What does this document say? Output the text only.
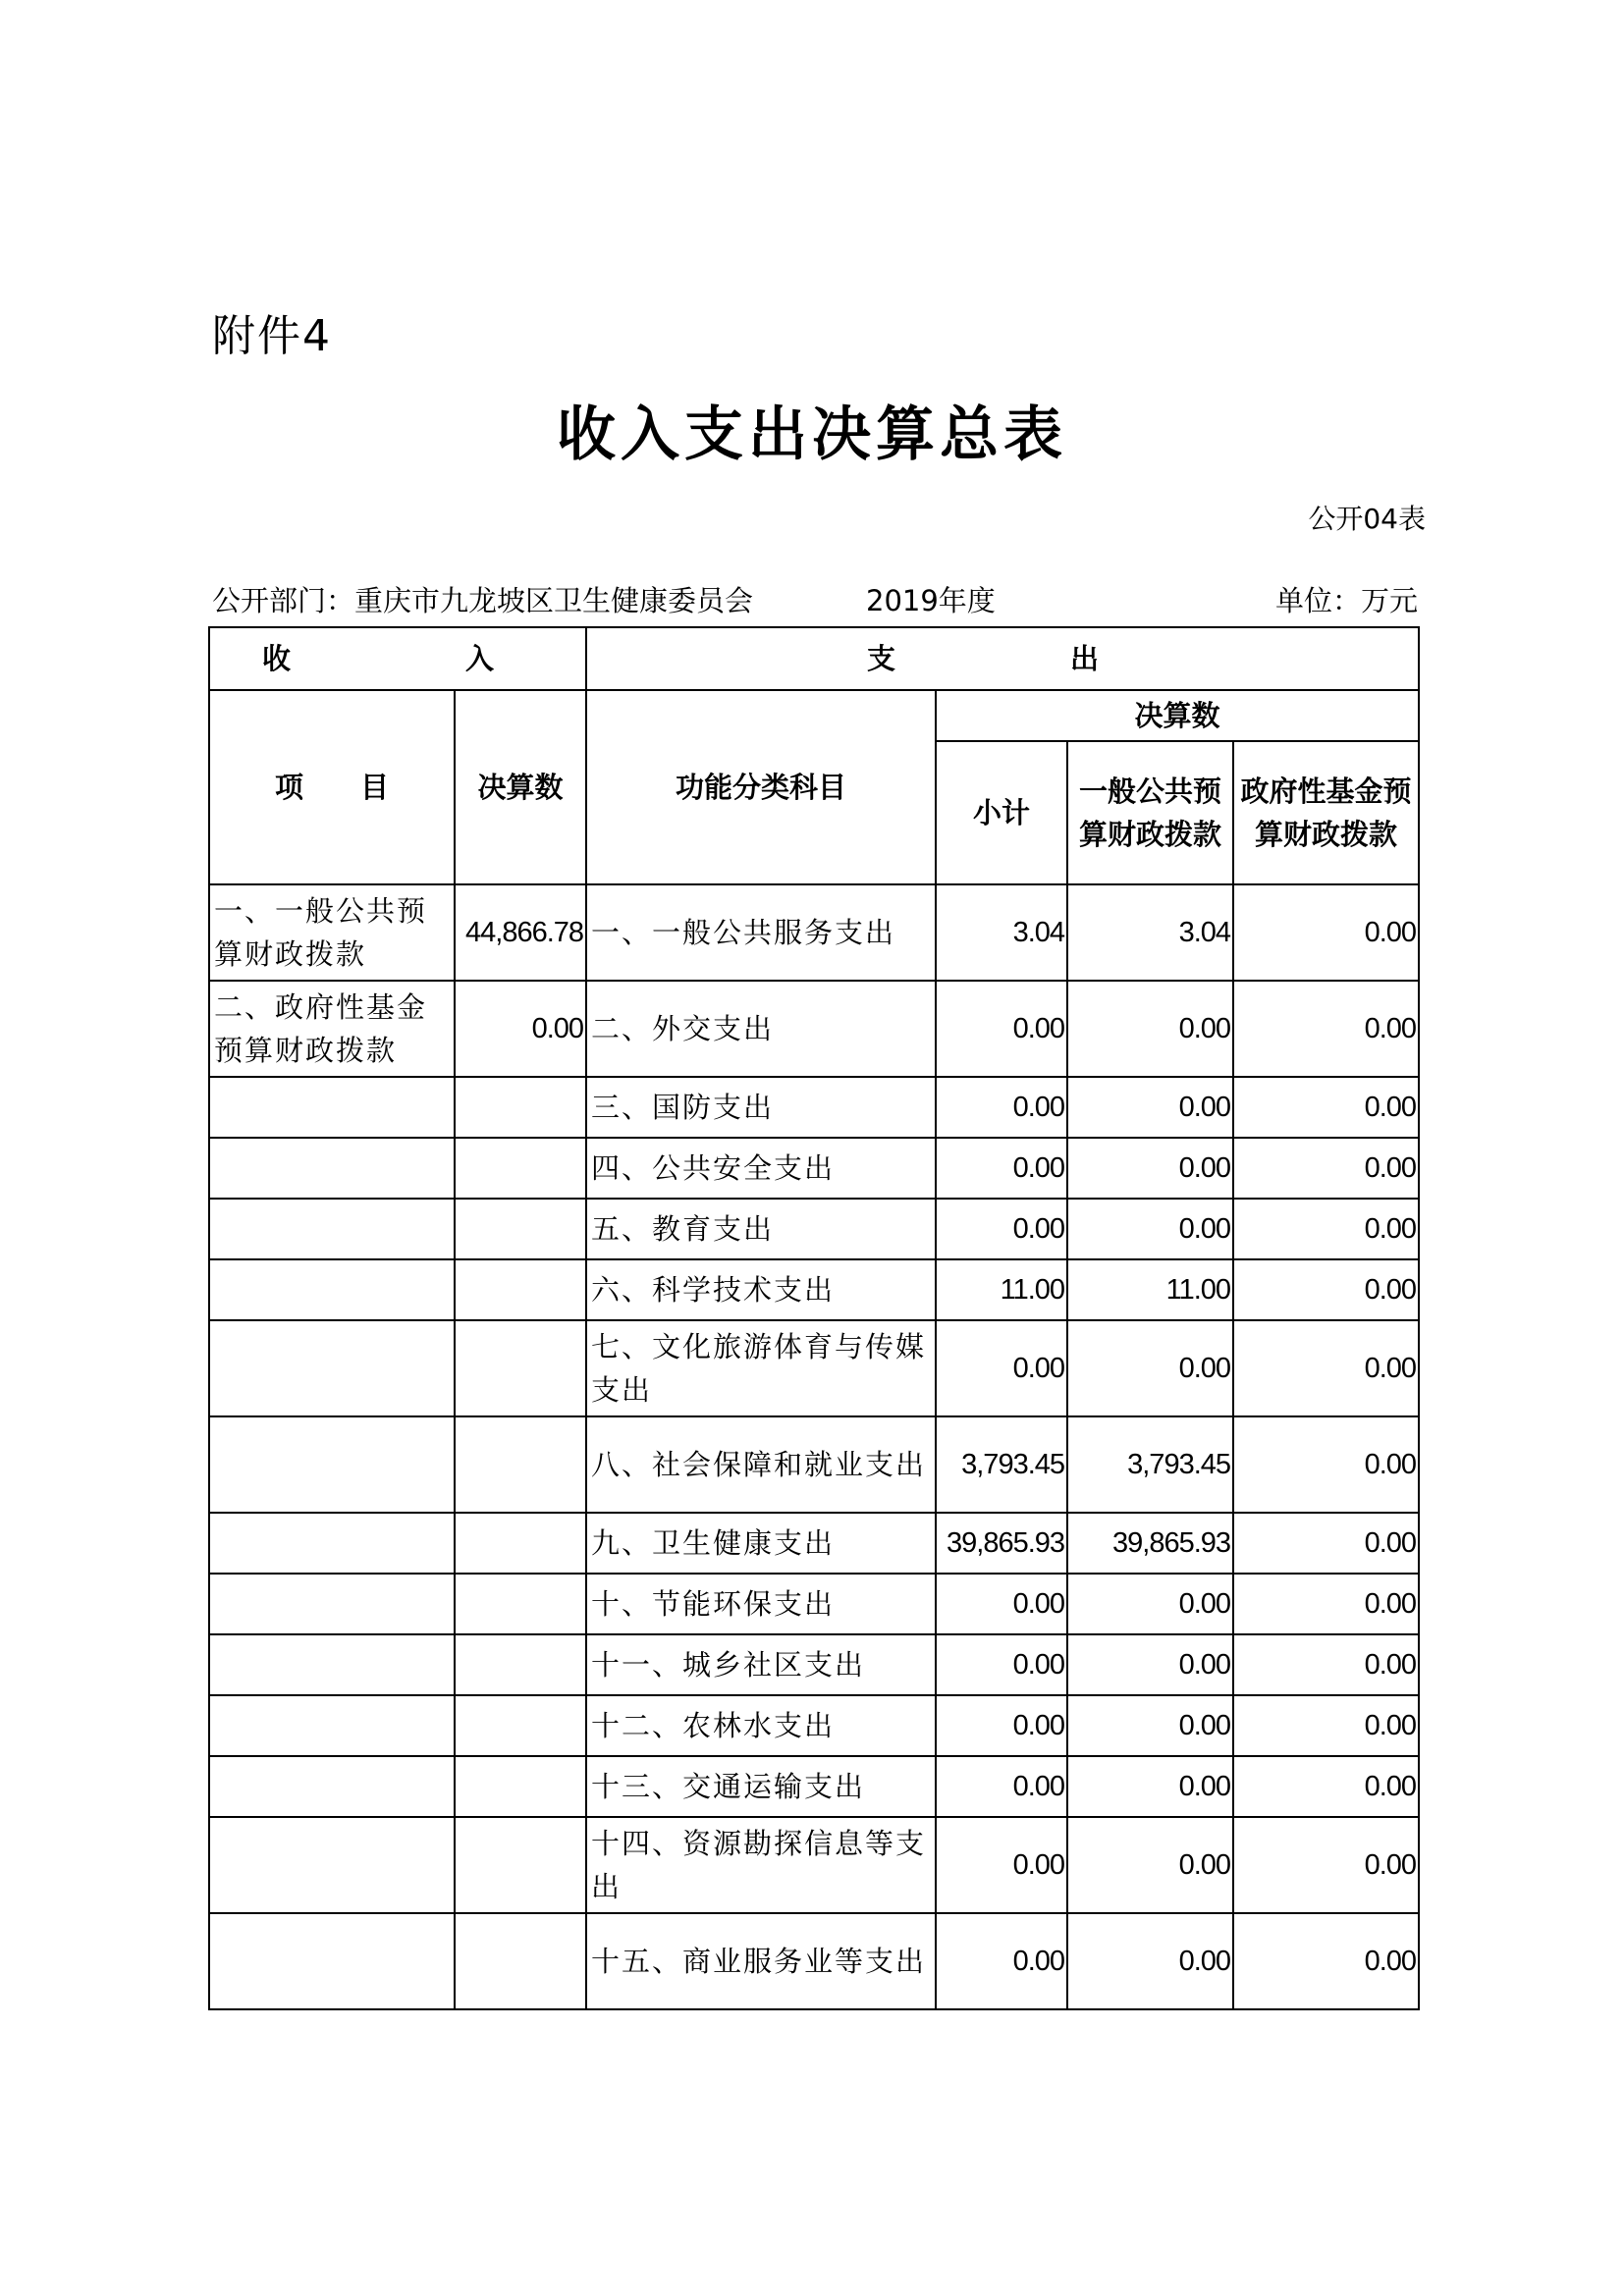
附件4
收入支出决算总表
公开04表
公开部门：重庆市九龙坡区卫生健康委员会	2019年度	单位：万元
收　　入		支　　出			
项　　目	决算数	功能分类科目	决算数		
			小计	一般公共预算财政拨款	政府性基金预算财政拨款
一、一般公共预算财政拨款	44,866.78	一、一般公共服务支出	3.04	3.04	0.00
二、政府性基金预算财政拨款	0.00	二、外交支出	0.00	0.00	0.00
		三、国防支出	0.00	0.00	0.00
		四、公共安全支出	0.00	0.00	0.00
		五、教育支出	0.00	0.00	0.00
		六、科学技术支出	11.00	11.00	0.00
		七、文化旅游体育与传媒支出	0.00	0.00	0.00
		八、社会保障和就业支出	3,793.45	3,793.45	0.00
		九、卫生健康支出	39,865.93	39,865.93	0.00
		十、节能环保支出	0.00	0.00	0.00
		十一、城乡社区支出	0.00	0.00	0.00
		十二、农林水支出	0.00	0.00	0.00
		十三、交通运输支出	0.00	0.00	0.00
		十四、资源勘探信息等支出	0.00	0.00	0.00
		十五、商业服务业等支出	0.00	0.00	0.00
